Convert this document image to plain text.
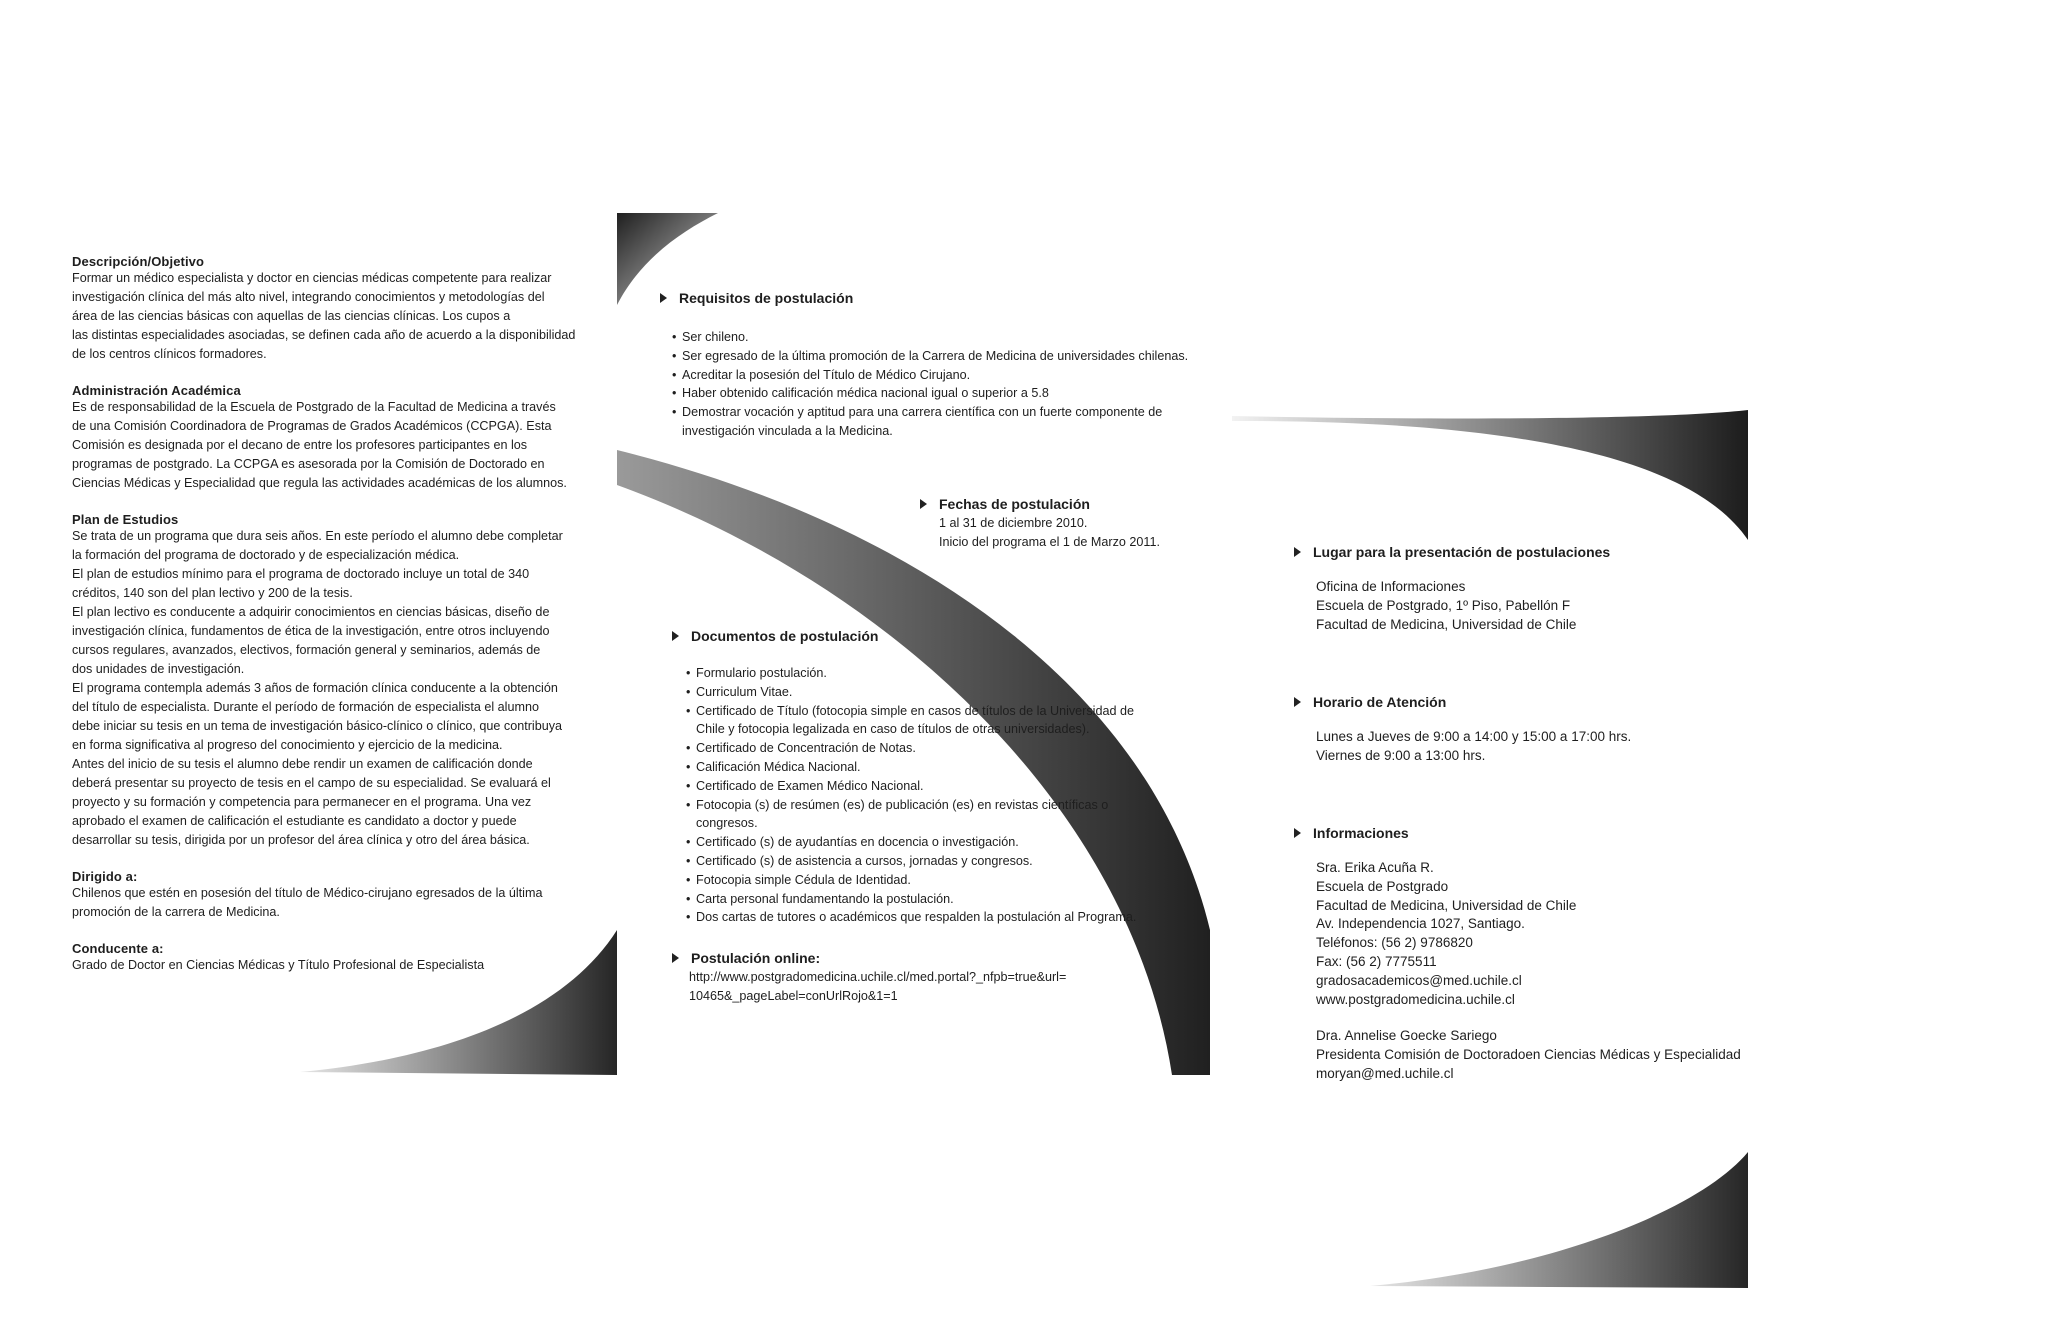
Descripción/Objetivo

Formar un médico especialista y doctor en ciencias médicas competente para realizar

investigación clínica del más alto nivel, integrando conocimientos y metodologías del

área de las ciencias básicas con aquellas de las ciencias clínicas. Los cupos a

las distintas especialidades asociadas, se definen cada año de acuerdo a la disponibilidad

de los centros clínicos formadores.

Administración Académica

Es de responsabilidad de la Escuela de Postgrado de la Facultad de Medicina a través

de una Comisión Coordinadora de Programas de Grados Académicos (CCPGA). Esta

Comisión es designada por el decano de entre los profesores participantes en los

programas de postgrado. La CCPGA es asesorada por la Comisión de Doctorado en

Ciencias Médicas y Especialidad que regula las actividades académicas de los alumnos.

Plan de Estudios

Se trata de un programa que dura seis años. En este período el alumno debe completar

la formación del programa de doctorado y de especialización médica.

El plan de estudios mínimo para el programa de doctorado incluye un total de 340

créditos, 140 son del plan lectivo y 200 de la tesis.

El plan lectivo es conducente a adquirir conocimientos en ciencias básicas, diseño de

investigación clínica, fundamentos de ética de la investigación, entre otros incluyendo

cursos regulares, avanzados, electivos, formación general y seminarios, además de

dos unidades de investigación.

El programa contempla además 3 años de formación clínica conducente a la obtención

del título de especialista. Durante el período de formación de especialista el alumno

debe iniciar su tesis en un tema de investigación básico-clínico o clínico, que contribuya

en forma significativa al progreso del conocimiento y ejercicio de la medicina.

Antes del inicio de su tesis el alumno debe rendir un examen de calificación donde

deberá presentar su proyecto de tesis en el campo de su especialidad. Se evaluará el

proyecto y su formación y competencia para permanecer en el programa. Una vez

aprobado el examen de calificación el estudiante es candidato a doctor y puede

desarrollar su tesis, dirigida por un profesor del área clínica y otro del área básica.

Dirigido a:

Chilenos que estén en posesión del título de Médico-cirujano egresados de la última

promoción de la carrera de Medicina.

Conducente a:

Grado de Doctor en Ciencias Médicas y Título Profesional de Especialista

Requisitos de postulación

• Ser chileno.
• Ser egresado de la última promoción de la Carrera de Medicina de universidades chilenas.
• Acreditar la posesión del Título de Médico Cirujano.
• Haber obtenido calificación médica nacional igual o superior a 5.8
• Demostrar vocación y aptitud para una carrera científica con un fuerte componente de investigación vinculada a la Medicina.

Fechas de postulación

1 al 31 de diciembre 2010.

Inicio del programa el 1 de Marzo 2011.

Documentos de postulación

• Formulario postulación.
• Curriculum Vitae.
• Certificado de Título (fotocopia simple en casos de títulos de la Universidad de Chile y fotocopia legalizada en caso de títulos de otras universidades).
• Certificado de Concentración de Notas.
• Calificación Médica Nacional.
• Certificado de Examen Médico Nacional.
• Fotocopia (s) de resúmen (es) de publicación (es) en revistas científicas o congresos.
• Certificado (s) de ayudantías en docencia o investigación.
• Certificado (s) de asistencia a cursos, jornadas y congresos.
• Fotocopia simple Cédula de Identidad.
• Carta personal fundamentando la postulación.
• Dos cartas de tutores o académicos que respalden la postulación al Programa.

Postulación online:

http://www.postgradomedicina.uchile.cl/med.portal?_nfpb=true&url=

10465&_pageLabel=conUrlRojo&1=1

Lugar para la presentación de postulaciones

Oficina de Informaciones

Escuela de Postgrado, 1º Piso, Pabellón F

Facultad de Medicina, Universidad de Chile

Horario de Atención

Lunes a Jueves de 9:00 a 14:00 y 15:00 a 17:00 hrs.

Viernes de 9:00 a 13:00 hrs.

Informaciones

Sra. Erika Acuña R.

Escuela de Postgrado

Facultad de Medicina, Universidad de Chile

Av. Independencia 1027, Santiago.

Teléfonos: (56 2) 9786820

Fax: (56 2) 7775511

gradosacademicos@med.uchile.cl

www.postgradomedicina.uchile.cl

Dra. Annelise Goecke Sariego

Presidenta Comisión de Doctoradoen Ciencias Médicas y Especialidad

moryan@med.uchile.cl
